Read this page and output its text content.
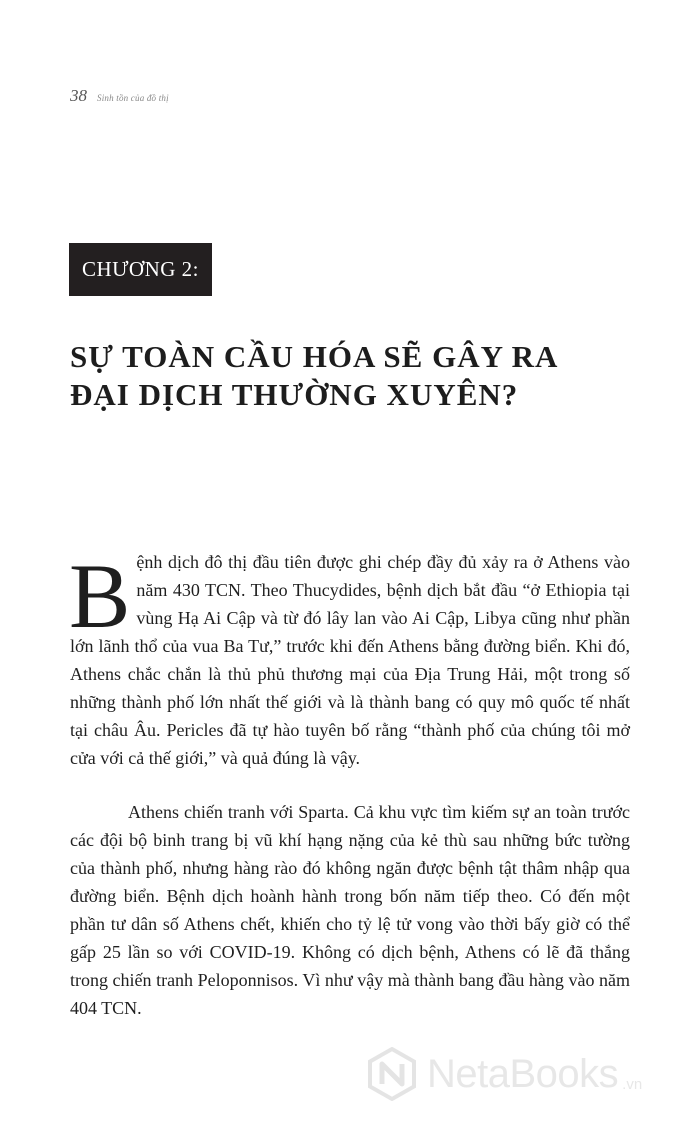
38 Sinh tồn của đồ thị
CHƯƠNG 2:
SỰ TOÀN CẦU HÓA SẼ GÂY RA
ĐẠI DỊCH THƯỜNG XUYÊN?

Bệnh dịch đô thị đầu tiên được ghi chép đầy đủ xảy ra ở Athens vào năm 430 TCN. Theo Thucydides, bệnh dịch bắt đầu “ở Ethiopia tại vùng Hạ Ai Cập và từ đó lây lan vào Ai Cập, Libya cũng như phần lớn lãnh thổ của vua Ba Tư,” trước khi đến Athens bằng đường biển. Khi đó, Athens chắc chắn là thủ phủ thương mại của Địa Trung Hải, một trong số những thành phố lớn nhất thế giới và là thành bang có quy mô quốc tế nhất tại châu Âu. Pericles đã tự hào tuyên bố rằng “thành phố của chúng tôi mở cửa với cả thế giới,” và quả đúng là vậy.

Athens chiến tranh với Sparta. Cả khu vực tìm kiếm sự an toàn trước các đội bộ binh trang bị vũ khí hạng nặng của kẻ thù sau những bức tường của thành phố, nhưng hàng rào đó không ngăn được bệnh tật thâm nhập qua đường biển. Bệnh dịch hoành hành trong bốn năm tiếp theo. Có đến một phần tư dân số Athens chết, khiến cho tỷ lệ tử vong vào thời bấy giờ có thể gấp 25 lần so với COVID-19. Không có dịch bệnh, Athens có lẽ đã thắng trong chiến tranh Peloponnisos. Vì như vậy mà thành bang đầu hàng vào năm 404 TCN.

NetaBooks .vn
